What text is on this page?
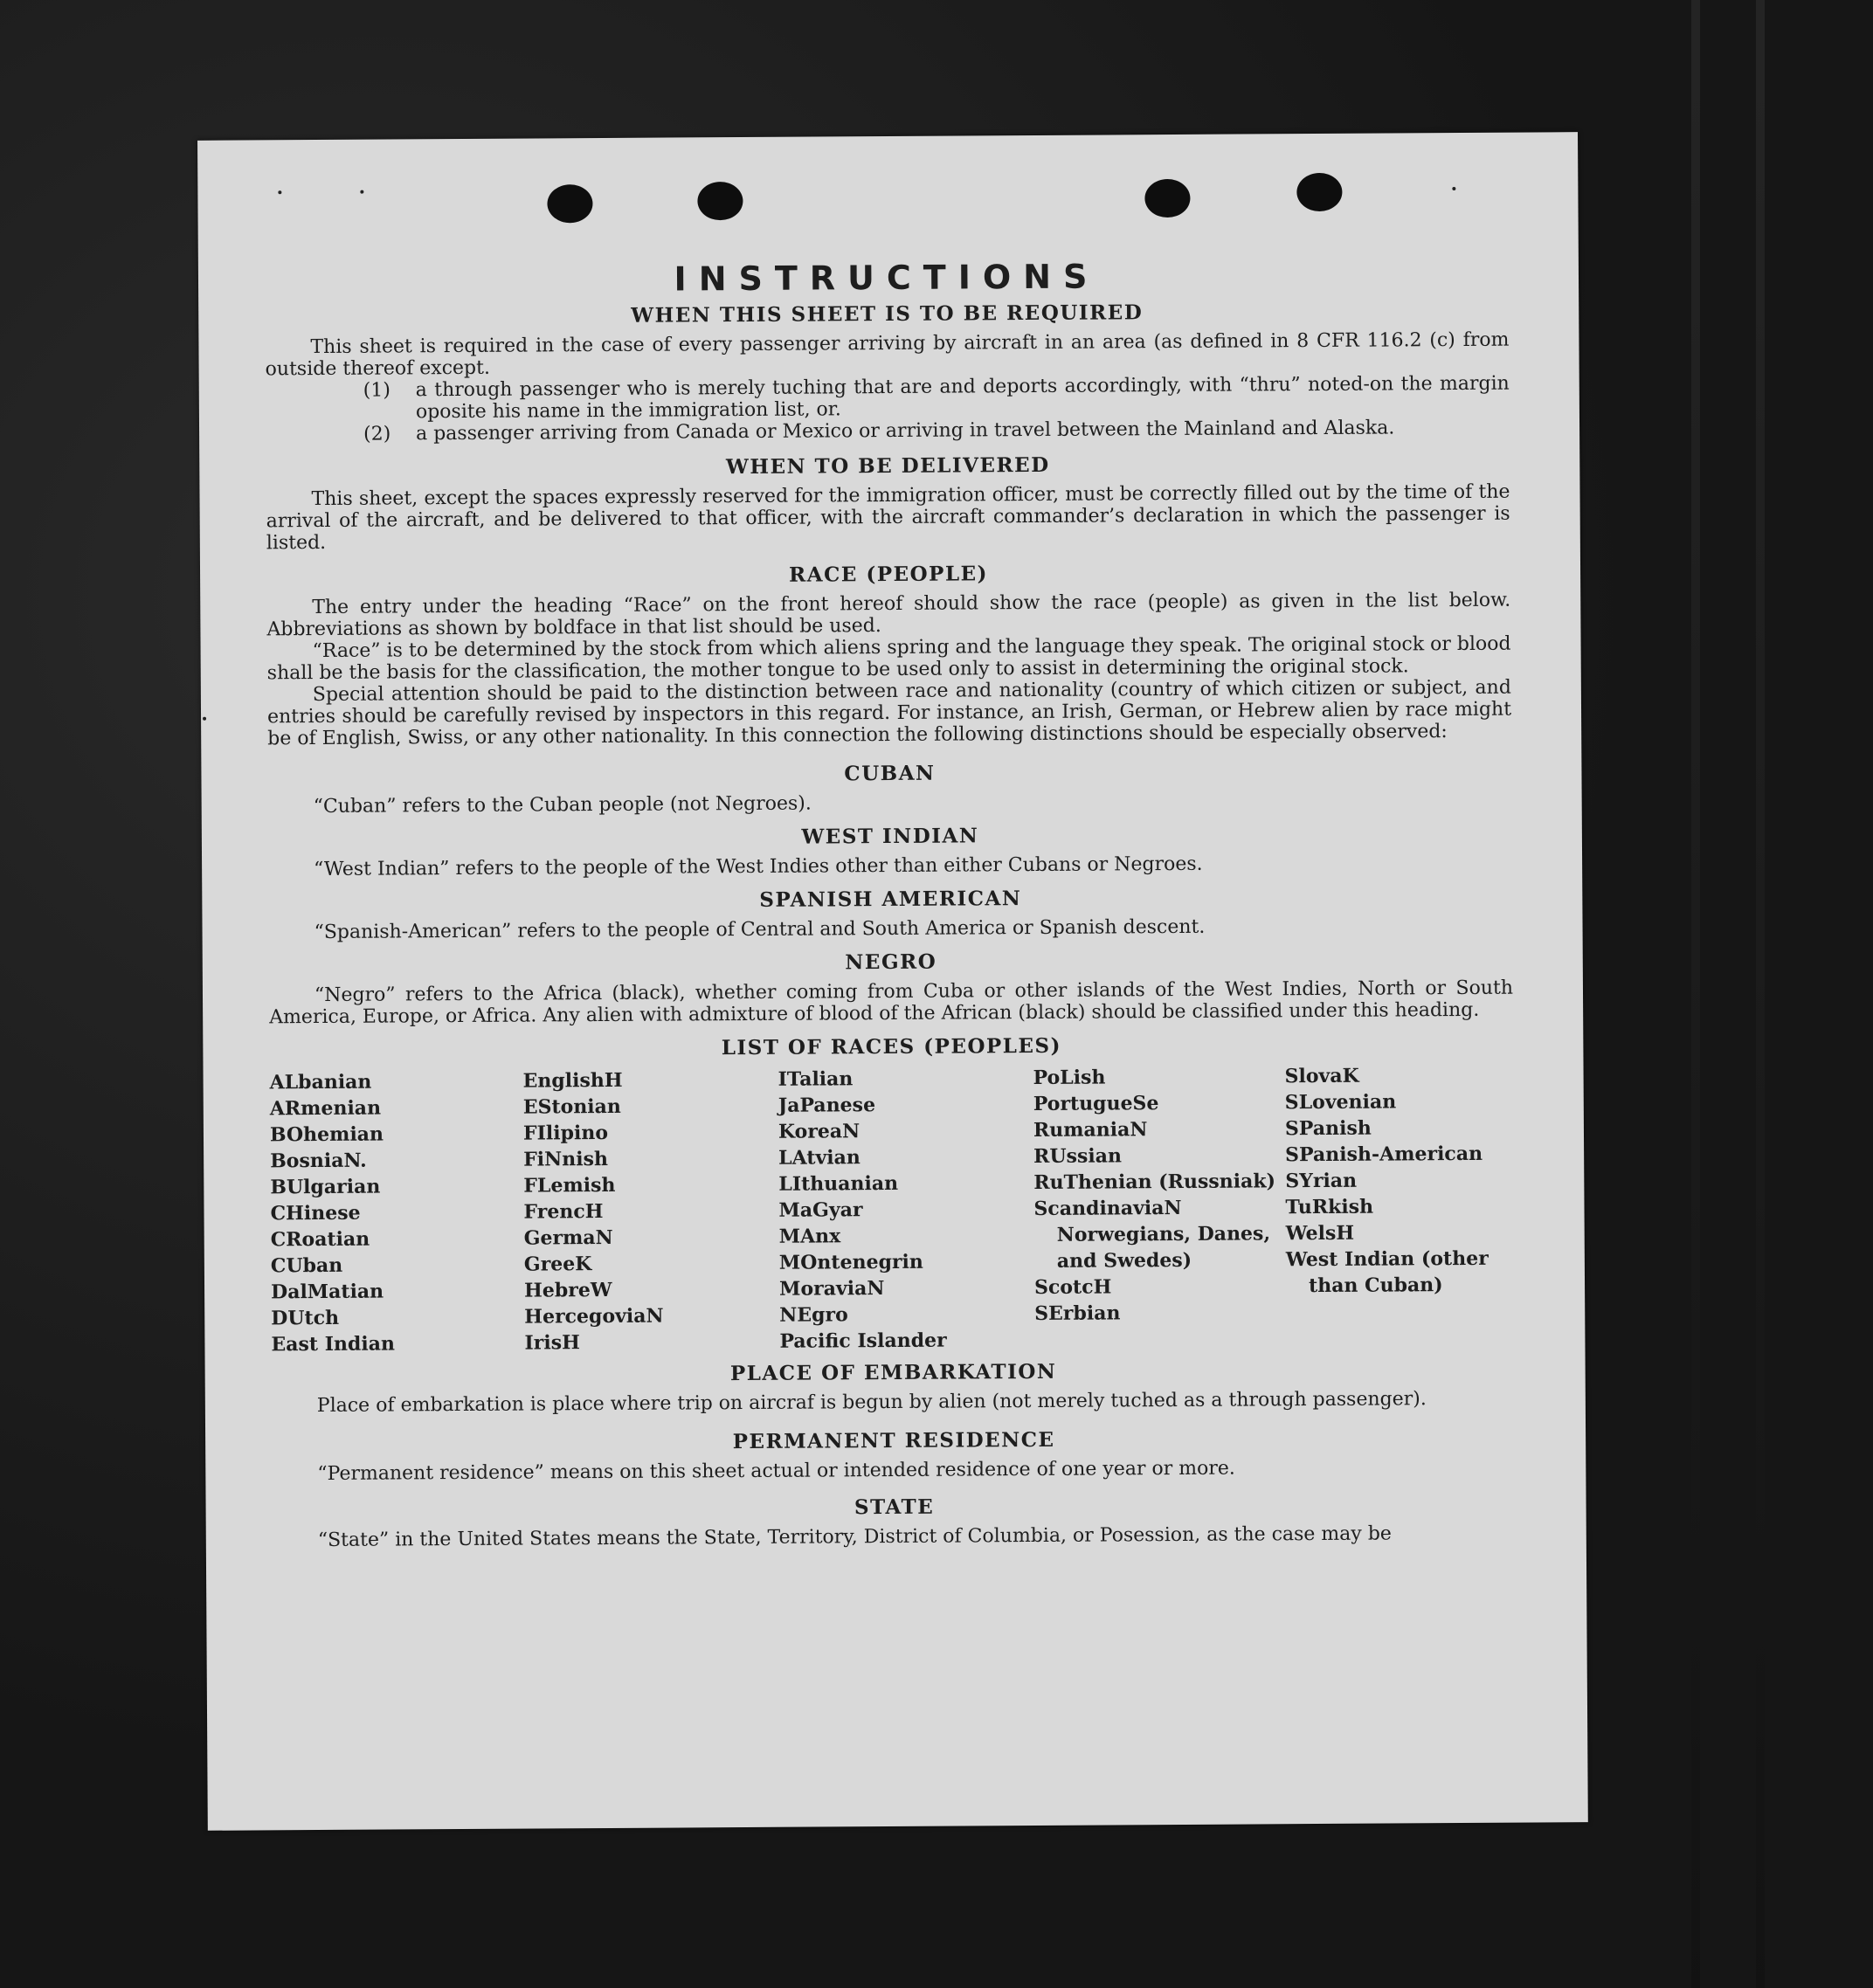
INSTRUCTIONS
WHEN THIS SHEET IS TO BE REQUIRED

This sheet is required in the case of every passenger arriving by aircraft in an area (as defined in 8 CFR 116.2 (c) from outside thereof except.

(1) a through passenger who is merely tuching that are and deports accordingly, with “thru” noted-on the margin oposite his name in the immigration list, or.
(2) a passenger arriving from Canada or Mexico or arriving in travel between the Mainland and Alaska.
WHEN TO BE DELIVERED

This sheet, except the spaces expressly reserved for the immigration officer, must be correctly filled out by the time of the arrival of the aircraft, and be delivered to that officer, with the aircraft commander’s declaration in which the passenger is listed.

RACE (PEOPLE)

The entry under the heading “Race” on the front hereof should show the race (people) as given in the list below. Abbreviations as shown by boldface in that list should be used.

“Race” is to be determined by the stock from which aliens spring and the language they speak. The original stock or blood shall be the basis for the classification, the mother tongue to be used only to assist in determining the original stock.

Special attention should be paid to the distinction between race and nationality (country of which citizen or subject, and entries should be carefully revised by inspectors in this regard. For instance, an Irish, German, or Hebrew alien by race might be of English, Swiss, or any other nationality. In this connection the following distinctions should be especially observed:

CUBAN

“Cuban” refers to the Cuban people (not Negroes).

WEST INDIAN

“West Indian” refers to the people of the West Indies other than either Cubans or Negroes.

SPANISH AMERICAN

“Spanish-American” refers to the people of Central and South America or Spanish descent.

NEGRO

“Negro” refers to the Africa (black), whether coming from Cuba or other islands of the West Indies, North or South America, Europe, or Africa. Any alien with admixture of blood of the African (black) should be classified under this heading.

LIST OF RACES (PEOPLES)
ALbanian
ARmenian
BOhemian
BosniaN.
BUlgarian
CHinese
CRoatian
CUban
DalMatian
DUtch
East Indian
EnglishH
EStonian
FIlipino
FiNnish
FLemish
FrencH
GermaN
GreeK
HebreW
HercegoviaN
IrisH
ITalian
JaPanese
KoreaN
LAtvian
LIthuanian
MaGyar
MAnx
MOntenegrin
MoraviaN
NEgro
Pacific Islander
PoLish
PortugueSe
RumaniaN
RUssian
RuThenian (Russniak)
ScandinaviaN Norwegians, Danes, and Swedes)
ScotcH
SErbian
SlovaK
SLovenian
SPanish
SPanish-American
SYrian
TuRkish
WelsH
West Indian (other than Cuban)
PLACE OF EMBARKATION

Place of embarkation is place where trip on aircraf is begun by alien (not merely tuched as a through passenger).

PERMANENT RESIDENCE

“Permanent residence” means on this sheet actual or intended residence of one year or more.

STATE

“State” in the United States means the State, Territory, District of Columbia, or Posession, as the case may be
